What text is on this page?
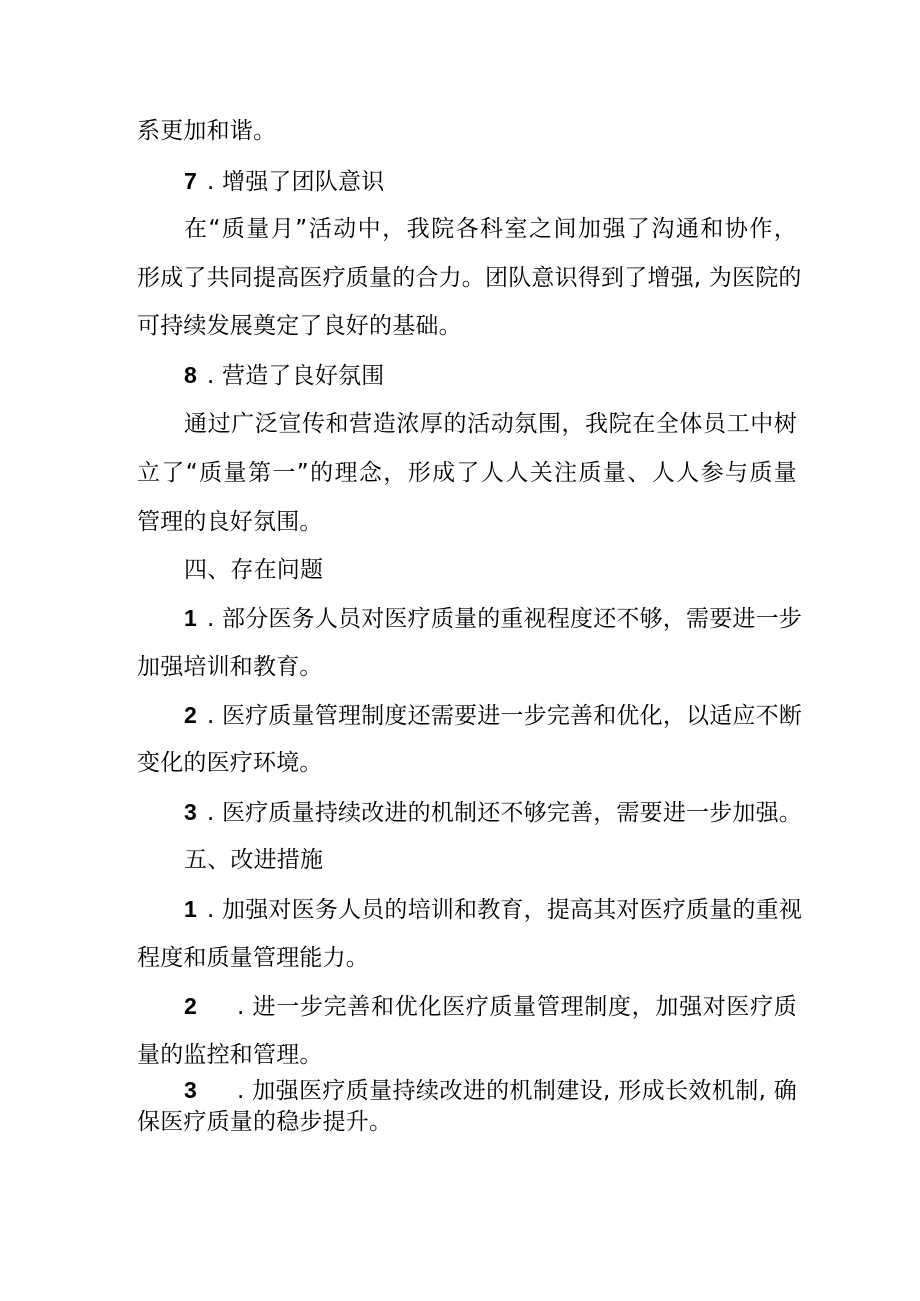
系更加和谐。
7 . 增强了团队意识
在“质量月”活动中，我院各科室之间加强了沟通和协作，
形成了共同提高医疗质量的合力。团队意识得到了增强, 为医院的
可持续发展奠定了良好的基础。
8 . 营造了良好氛围
通过广泛宣传和营造浓厚的活动氛围，我院在全体员工中树
立了“质量第一”的理念，形成了人人关注质量、人人参与质量
管理的良好氛围。
四、存在问题
1 . 部分医务人员对医疗质量的重视程度还不够，需要进一步
加强培训和教育。
2 . 医疗质量管理制度还需要进一步完善和优化，以适应不断
变化的医疗环境。
3 . 医疗质量持续改进的机制还不够完善，需要进一步加强。
五、改进措施
1 . 加强对医务人员的培训和教育，提高其对医疗质量的重视
程度和质量管理能力。
2 . 进一步完善和优化医疗质量管理制度，加强对医疗质
量的监控和管理。
3 . 加强医疗质量持续改进的机制建设, 形成长效机制, 确
保医疗质量的稳步提升。
